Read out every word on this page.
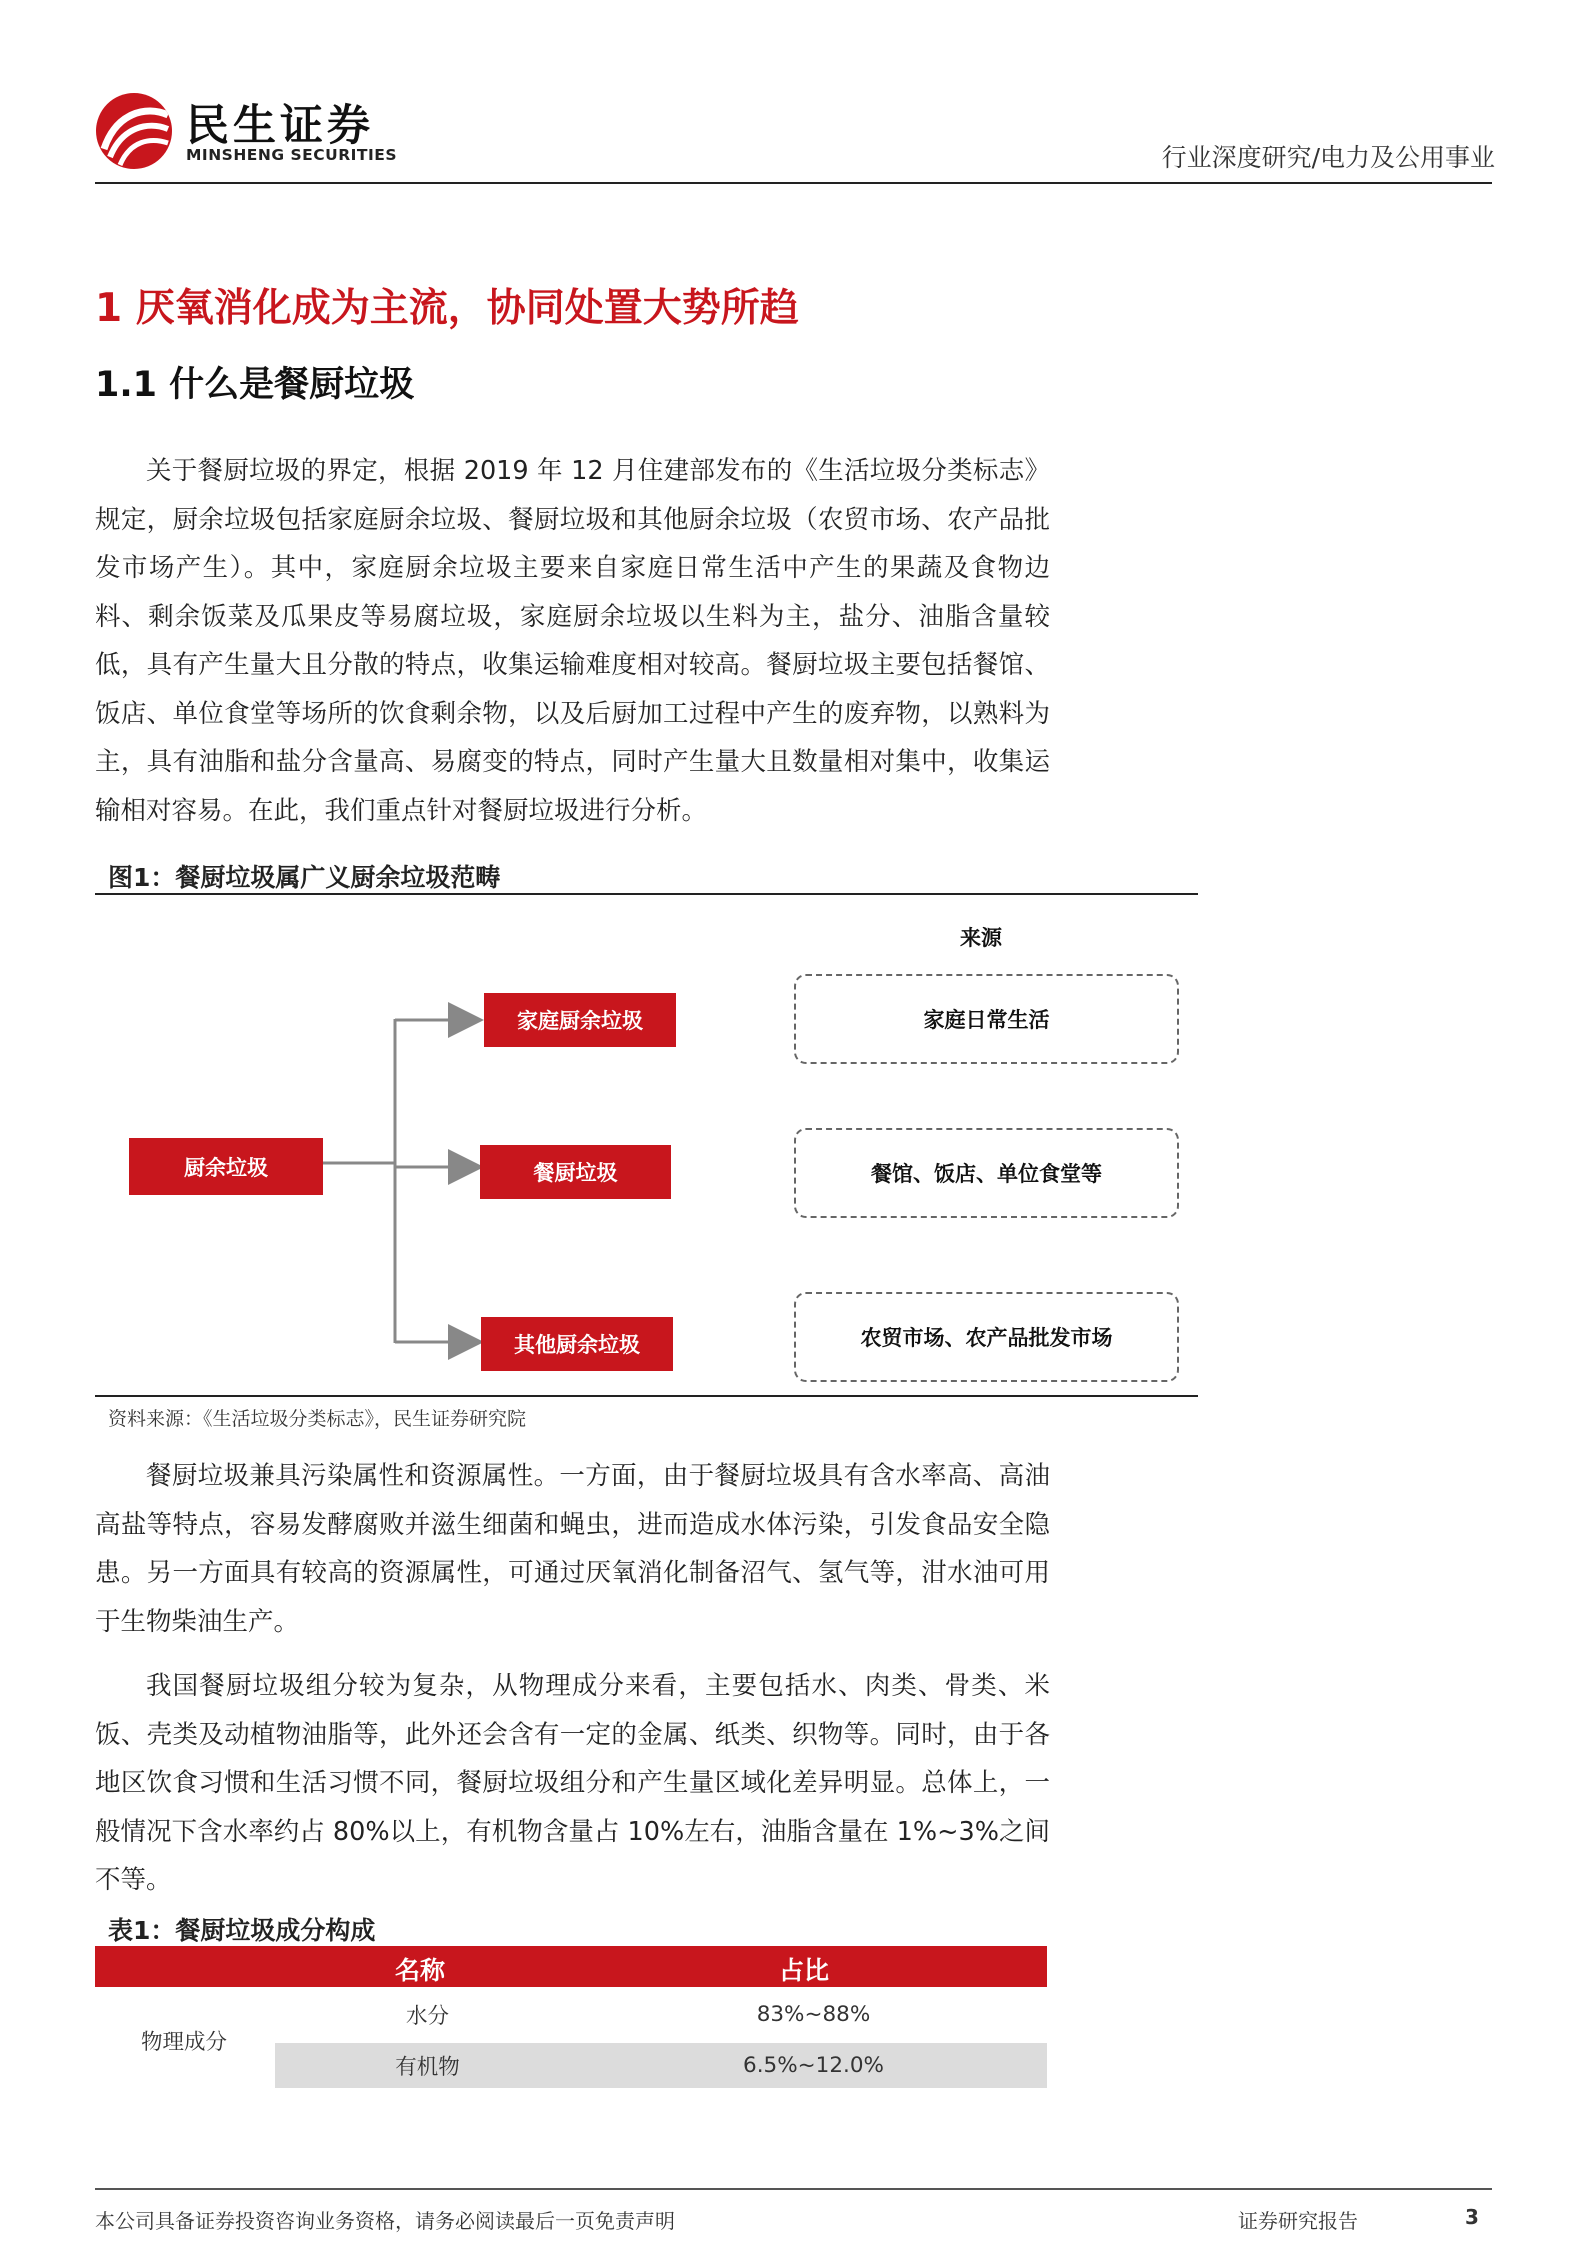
民生证券
MINSHENG SECURITIES	行业深度研究/电力及公用事业
1 厌氧消化成为主流，协同处置大势所趋
1.1 什么是餐厨垃圾

关于餐厨垃圾的界定，根据 2019 年 12 月住建部发布的《生活垃圾分类标志》规定，厨余垃圾包括家庭厨余垃圾、餐厨垃圾和其他厨余垃圾（农贸市场、农产品批发市场产生）。其中，家庭厨余垃圾主要来自家庭日常生活中产生的果蔬及食物边料、剩余饭菜及瓜果皮等易腐垃圾，家庭厨余垃圾以生料为主，盐分、油脂含量较低，具有产生量大且分散的特点，收集运输难度相对较高。餐厨垃圾主要包括餐馆、饭店、单位食堂等场所的饮食剩余物，以及后厨加工过程中产生的废弃物，以熟料为主，具有油脂和盐分含量高、易腐变的特点，同时产生量大且数量相对集中，收集运输相对容易。在此，我们重点针对餐厨垃圾进行分析。

图1：餐厨垃圾属广义厨余垃圾范畴
厨余垃圾
家庭厨余垃圾
餐厨垃圾
其他厨余垃圾
来源
家庭日常生活
餐馆、饭店、单位食堂等
农贸市场、农产品批发市场
资料来源：《生活垃圾分类标志》，民生证券研究院

餐厨垃圾兼具污染属性和资源属性。一方面，由于餐厨垃圾具有含水率高、高油高盐等特点，容易发酵腐败并滋生细菌和蝇虫，进而造成水体污染，引发食品安全隐患。另一方面具有较高的资源属性，可通过厌氧消化制备沼气、氢气等，泔水油可用于生物柴油生产。

我国餐厨垃圾组分较为复杂，从物理成分来看，主要包括水、肉类、骨类、米饭、壳类及动植物油脂等，此外还会含有一定的金属、纸类、织物等。同时，由于各地区饮食习惯和生活习惯不同，餐厨垃圾组分和产生量区域化差异明显。总体上，一般情况下含水率约占 80%以上，有机物含量占 10%左右，油脂含量在 1%~3%之间不等。

表1：餐厨垃圾成分构成
名称	占比
物理成分
水分	83%~88%
有机物	6.5%~12.0%
本公司具备证券投资咨询业务资格，请务必阅读最后一页免责声明	证券研究报告	3
